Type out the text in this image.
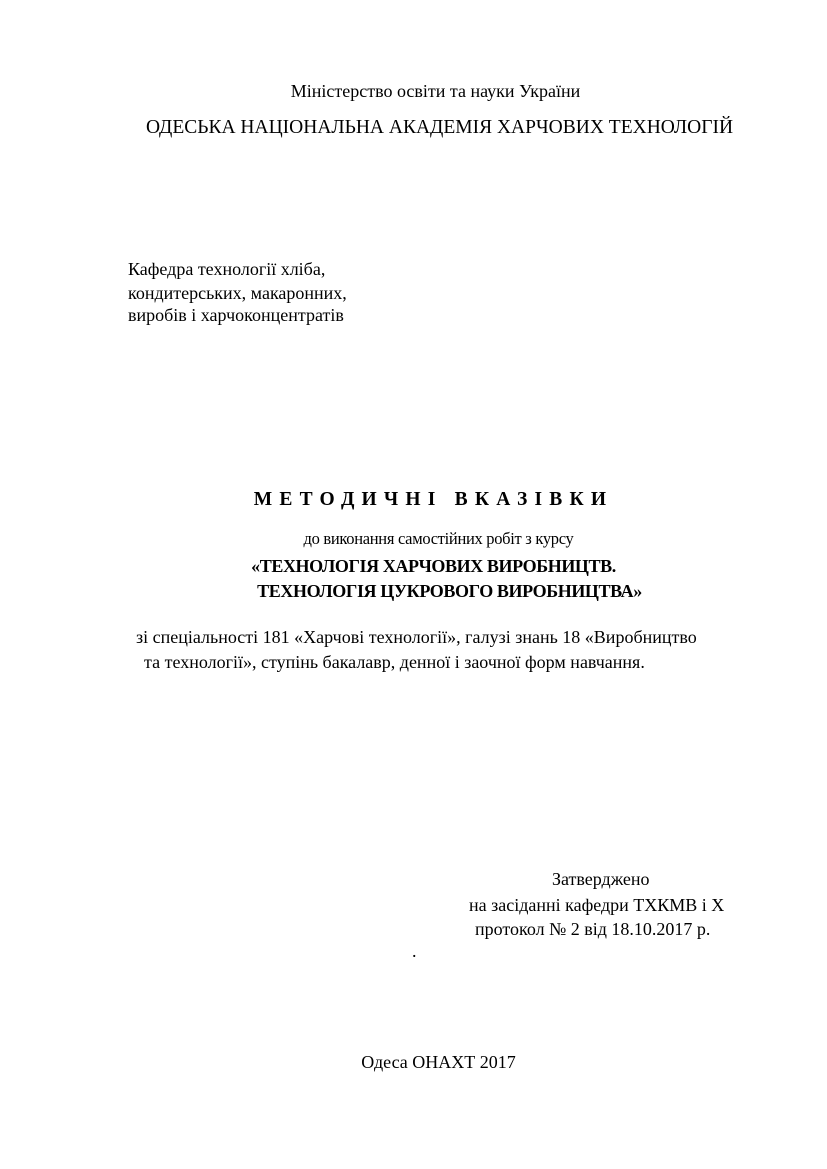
Міністерство освіти та науки України
ОДЕСЬКА НАЦІОНАЛЬНА АКАДЕМІЯ ХАРЧОВИХ ТЕХНОЛОГІЙ
Кафедра технології хліба,
кондитерських, макаронних,
виробів і харчоконцентратів
МЕТОДИЧНІ ВКАЗІВКИ
до виконання самостійних робіт з курсу
«ТЕХНОЛОГІЯ ХАРЧОВИХ ВИРОБНИЦТВ.
ТЕХНОЛОГІЯ ЦУКРОВОГО ВИРОБНИЦТВА»
зі спеціальності 181 «Харчові технології», галузі знань 18 «Виробництво
та технології», ступінь бакалавр, денної і заочної форм навчання.
Затверджено
на засіданні кафедри ТХКМВ і Х
протокол № 2 від 18.10.2017 р.
.
Одеса ОНАХТ 2017
